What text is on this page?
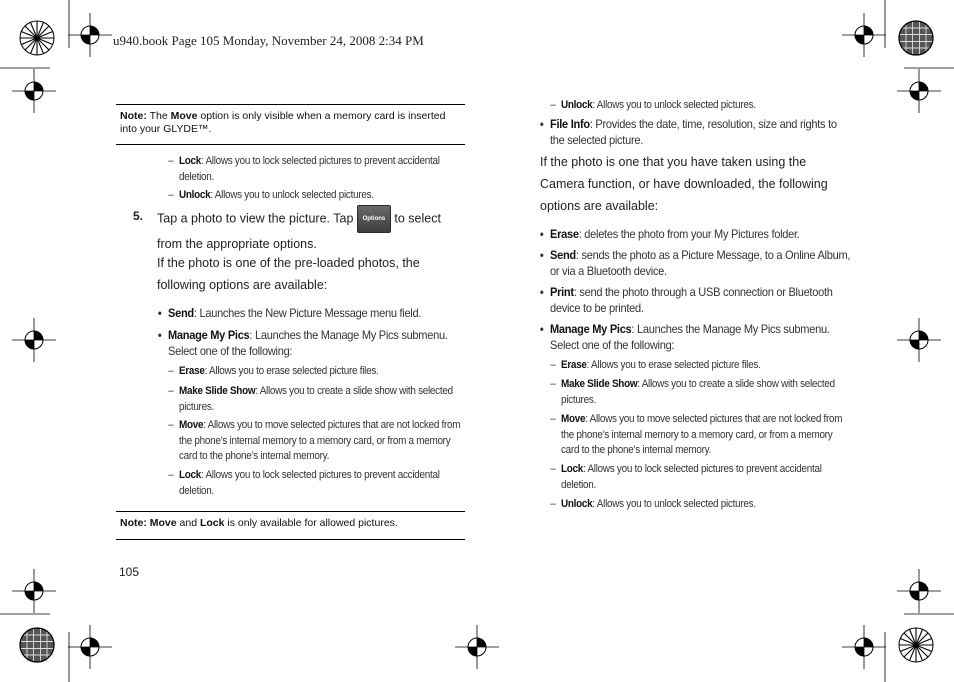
u940.book Page 105 Monday, November 24, 2008 2:34 PM
Note: The Move option is only visible when a memory card is inserted into your GLYDE™.
– Lock: Allows you to lock selected pictures to prevent accidental deletion.
– Unlock: Allows you to unlock selected pictures.
5. Tap a photo to view the picture. Tap Options to select from the appropriate options.
If the photo is one of the pre-loaded photos, the following options are available:
• Send: Launches the New Picture Message menu field.
• Manage My Pics: Launches the Manage My Pics submenu. Select one of the following:
– Erase: Allows you to erase selected picture files.
– Make Slide Show: Allows you to create a slide show with selected pictures.
– Move: Allows you to move selected pictures that are not locked from the phone’s internal memory to a memory card, or from a memory card to the phone’s internal memory.
– Lock: Allows you to lock selected pictures to prevent accidental deletion.
Note: Move and Lock is only available for allowed pictures.
105
– Unlock: Allows you to unlock selected pictures.
• File Info: Provides the date, time, resolution, size and rights to the selected picture.
If the photo is one that you have taken using the Camera function, or have downloaded, the following options are available:
• Erase: deletes the photo from your My Pictures folder.
• Send: sends the photo as a Picture Message, to a Online Album, or via a Bluetooth device.
• Print: send the photo through a USB connection or Bluetooth device to be printed.
• Manage My Pics: Launches the Manage My Pics submenu. Select one of the following:
– Erase: Allows you to erase selected picture files.
– Make Slide Show: Allows you to create a slide show with selected pictures.
– Move: Allows you to move selected pictures that are not locked from the phone’s internal memory to a memory card, or from a memory card to the phone’s internal memory.
– Lock: Allows you to lock selected pictures to prevent accidental deletion.
– Unlock: Allows you to unlock selected pictures.
